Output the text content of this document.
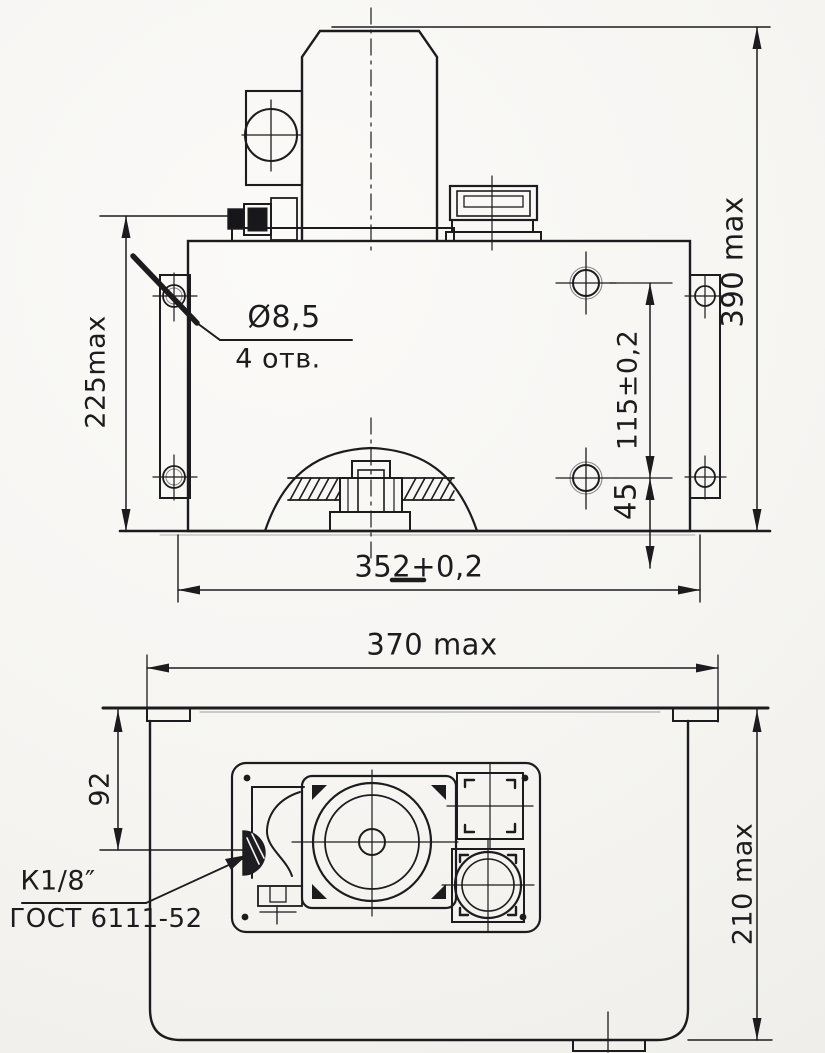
Ø8,5
4 отв.
225max
390 max
115±0,2
45
352+0,2
370 max
92
210 max
К1/8″
ГОСТ 6111-52
